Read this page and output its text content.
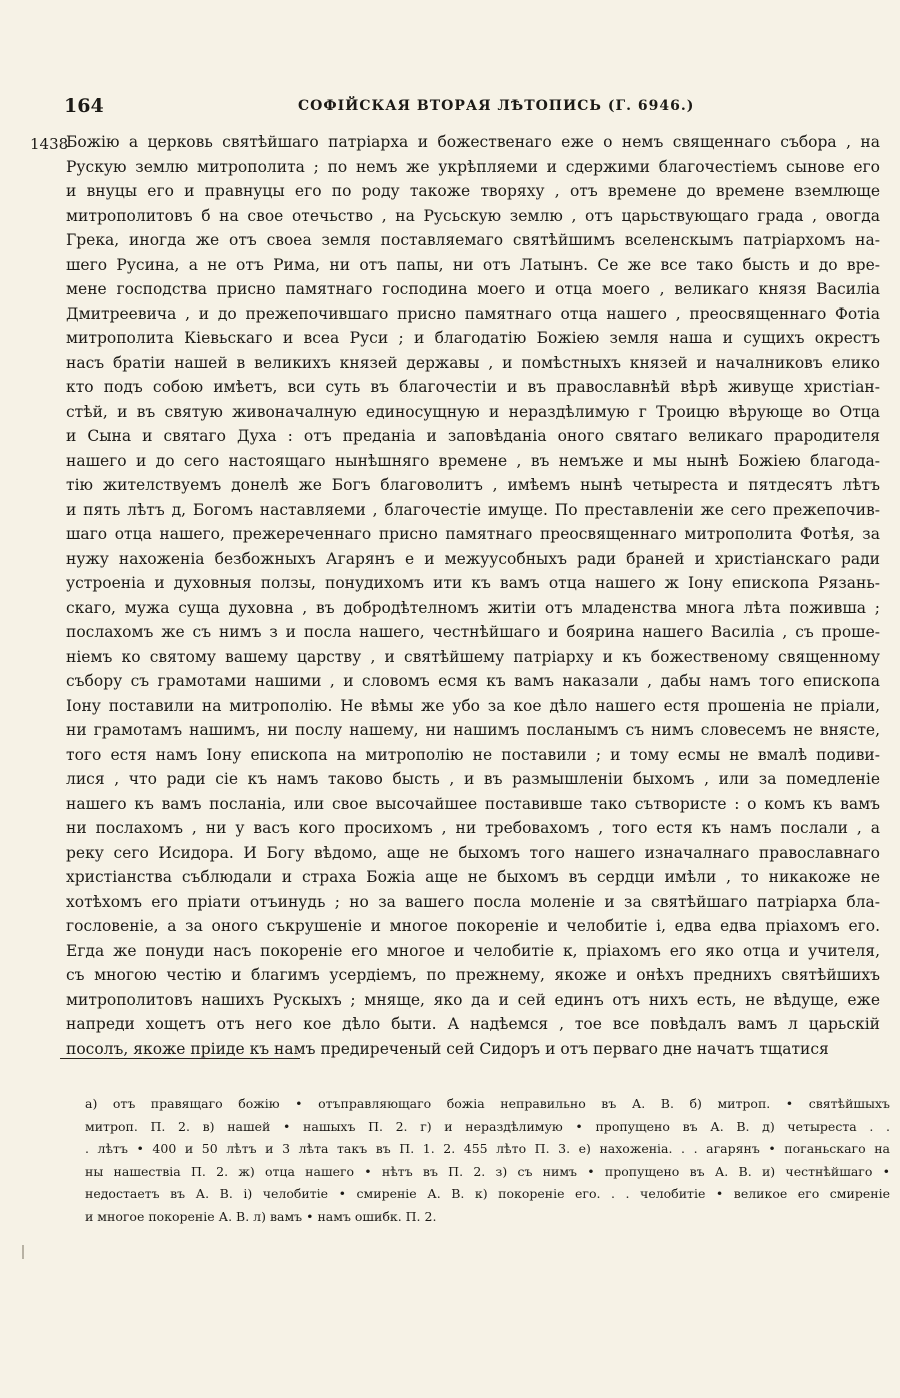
164	СОФІЙСКАЯ ВТОРАЯ ЛѢТОПИСЬ (Г. 6946.)
1438
Божію а церковь святѣйшаго патріарха и божественаго еже о немъ священнаго събора , на
Рускую землю митрополита ; по немъ же укрѣпляеми и сдержими благочестіемъ сынове его
и внуцы его и правнуцы его по роду такоже творяху , отъ времене до времене вземлюще
митрополитовъ б на свое отечьство , на Русьскую землю , отъ царьствующаго града , овогда
Грека, иногда же отъ своеа земля поставляемаго святѣйшимъ вселенскымъ патріархомъ на-
шего Русина, а не отъ Рима, ни отъ папы, ни отъ Латынъ. Се же все тако бысть и до вре-
мене господства присно памятнаго господина моего и отца моего , великаго князя Василіа
Дмитреевича , и до прежепочившаго присно памятнаго отца нашего , преосвященнаго Фотіа
митрополита Кіевьскаго и всеа Руси ; и благодатію Божіею земля наша и сущихъ окрестъ
насъ братіи нашей в великихъ князей державы , и помѣстныхъ князей и началниковъ елико
кто подъ собою имѣетъ, вси суть въ благочестіи и въ православнѣй вѣрѣ живуще христіан-
стѣй, и въ святую живоначалную единосущную и нераздѣлимую г Троицю вѣрующе во Отца
и Сына и святаго Духа : отъ преданіа и заповѣданіа оного святаго великаго прародителя
нашего и до сего настоящаго нынѣшняго времене , въ немъже и мы нынѣ Божіею благода-
тію жителствуемъ донелѣ же Богъ благоволитъ , имѣемъ нынѣ четыреста и пятдесятъ лѣтъ
и пять лѣтъ д, Богомъ наставляеми , благочестіе имуще. По преставленіи же сего прежепочив-
шаго отца нашего, прежереченнаго присно памятнаго преосвященнаго митрополита Фотѣя, за
нужу нахоженіа безбожныхъ Агарянъ е и межуусобныхъ ради браней и христіанскаго ради
устроеніа и духовныя ползы, понудихомъ ити къ вамъ отца нашего ж Іону епископа Рязань-
скаго, мужа суща духовна , въ добродѣтелномъ житіи отъ младенства многа лѣта поживша ;
послахомъ же съ нимъ з и посла нашего, честнѣйшаго и боярина нашего Василіа , съ проше-
ніемъ ко святому вашему царству , и святѣйшему патріарху и къ божественому священному
събору съ грамотами нашими , и словомъ есмя къ вамъ наказали , дабы намъ того епископа
Іону поставили на митрополію. Не вѣмы же убо за кое дѣло нашего естя прошеніа не пріали,
ни грамотамъ нашимъ, ни послу нашему, ни нашимъ посланымъ съ нимъ словесемъ не внясте,
того естя намъ Іону епископа на митрополію не поставили ; и тому есмы не вмалѣ подиви-
лися , что ради сіе къ намъ таково бысть , и въ размышленіи быхомъ , или за помедленіе
нашего къ вамъ посланіа, или свое высочайшее поставивше тако сътвористе : о комъ къ вамъ
ни послахомъ , ни у васъ кого просихомъ , ни требовахомъ , того естя къ намъ послали , а
реку сего Исидора. И Богу вѣдомо, аще не быхомъ того нашего изначалнаго православнаго
христіанства съблюдали и страха Божіа аще не быхомъ въ сердци имѣли , то никакоже не
хотѣхомъ его пріати отъинудь ; но за вашего посла моленіе и за святѣйшаго патріарха бла-
гословеніе, а за оного съкрушеніе и многое покореніе и челобитіе і, едва едва пріахомъ его.
Егда же понуди насъ покореніе его многое и челобитіе к, пріахомъ его яко отца и учителя,
съ многою честію и благимъ усердіемъ, по прежнему, якоже и онѣхъ преднихъ святѣйшихъ
митрополитовъ нашихъ Рускыхъ ; мняще, яко да и сей единъ отъ нихъ есть, не вѣдуще, еже
напреди хощетъ отъ него кое дѣло быти. А надѣемся , тое все повѣдалъ вамъ л царьскій
посолъ, якоже пріиде къ намъ предиреченый сей Сидоръ и отъ перваго дне начатъ тщатися
а) отъ правящаго божію • отъправляющаго божіа неправильно въ А. В. б) митроп. • святѣйшыхъ
митроп. П. 2. в) нашей • нашыхъ П. 2. г) и нераздѣлимую • пропущено въ А. В. д) четыреста . .
. лѣтъ • 400 и 50 лѣтъ и 3 лѣта такъ въ П. 1. 2. 455 лѣто П. 3. е) нахоженіа. . . агарянъ • поганьскаго на
ны нашествіа П. 2. ж) отца нашего • нѣтъ въ П. 2. з) съ нимъ • пропущено въ А. В. и) честнѣйшаго •
недостаетъ въ А. В. і) челобитіе • смиреніе А. В. к) покореніе его. . . челобитіе • великое его смиреніе
и многое покореніе А. В. л) вамъ • намъ ошибк. П. 2.
